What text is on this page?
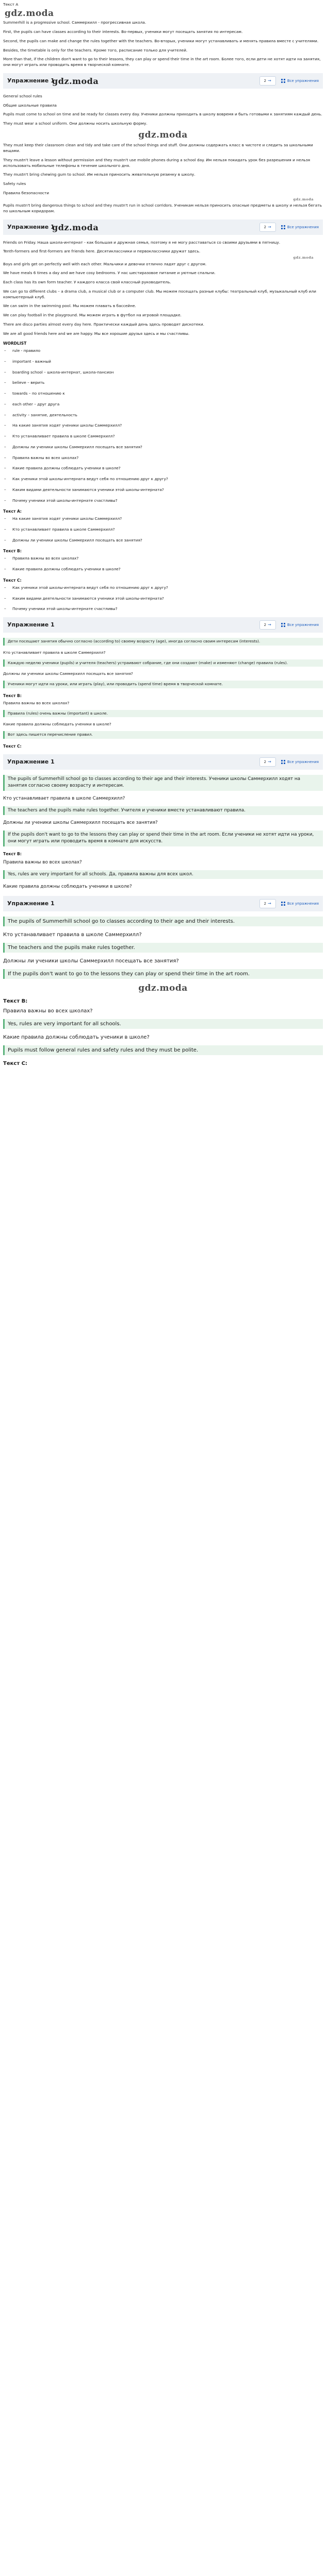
Текст А
gdz.moda

Summerhill is a progressive school. Саммерхилл - прогрессивная школа.

First, the pupils can have classes according to their interests. Во-первых, ученики могут посещать занятия по интересам.

Second, the pupils can make and change the rules together with the teachers. Во-вторых, ученики могут устанавливать и менять правила вместе с учителями.

Besides, the timetable is only for the teachers. Кроме того, расписание только для учителей.

More than that, if the children don't want to go to their lessons, they can play or spend their time in the art room. Более того, если дети не хотят идти на занятия, они могут играть или проводить время в творческой комнате.

Упражнение 1
gdz.moda	2 →	Все упражнения

General school rules

Общие школьные правила

Pupils must come to school on time and be ready for classes every day. Ученики должны приходить в школу вовремя и быть готовыми к занятиям каждый день.

They must wear a school uniform. Они должны носить школьную форму.

gdz.moda

They must keep their classroom clean and tidy and take care of the school things and stuff. Они должны содержать класс в чистоте и следить за школьными вещами.

They mustn't leave a lesson without permission and they mustn't use mobile phones during a school day. Им нельзя покидать урок без разрешения и нельзя использовать мобильные телефоны в течение школьного дня.

They mustn't bring chewing gum to school. Им нельзя приносить жевательную резинку в школу.

Safety rules

Правила безопасности

gdz.moda

Pupils mustn't bring dangerous things to school and they mustn't run in school corridors. Ученикам нельзя приносить опасные предметы в школу и нельзя бегать по школьным коридорам.

Упражнение 1
gdz.moda	2 →	Все упражнения

Friends on Friday. Наша школа-интернат - как большая и дружная семья, поэтому я не могу расставаться со своими друзьями в пятницу.

Tenth-formers and first-formers are friends here. Десятиклассники и первоклассники дружат здесь.

gdz.moda

Boys and girls get on perfectly well with each other. Мальчики и девочки отлично ладят друг с другом.

We have meals 6 times a day and we have cosy bedrooms. У нас шестиразовое питание и уютные спальни.

Each class has its own form teacher. У каждого класса свой классный руководитель.

We can go to different clubs – a drama club, a musical club or a computer club. Мы можем посещать разные клубы: театральный клуб, музыкальный клуб или компьютерный клуб.

We can swim in the swimming pool. Мы можем плавать в бассейне.

We can play football in the playground. Мы можем играть в футбол на игровой площадке.

There are disco parties almost every day here. Практически каждый день здесь проводят дискотеки.

We are all good friends here and we are happy. Мы все хорошие друзья здесь и мы счастливы.

WORDLIST
–	rule - правило
–	important - важный
–	boarding school – школа-интернат, школа-пансион
–	believe – верить
–	towards – по отношению к
–	each other – друг друга
–	activity – занятие, деятельность
–	На какие занятия ходят ученики школы Саммерхилл?
–	Кто устанавливает правила в школе Саммерхилл?
–	Должны ли ученики школы Саммерхилл посещать все занятия?
–	Правила важны во всех школах?
–	Какие правила должны соблюдать ученики в школе?
–	Как ученики этой школы-интерната ведут себя по отношению друг к другу?
–	Каким видами деятельности занимаются ученики этой школы-интерната?
–	Почему ученики этой школы-интернате счастливы?
Текст А:
–	На какие занятия ходят ученики школы Саммерхилл?
–	Кто устанавливает правила в школе Саммерхилл?
–	Должны ли ученики школы Саммерхилл посещать все занятия?
Текст B:
–	Правила важны во всех школах?
–	Какие правила должны соблюдать ученики в школе?
Текст C:
–	Как ученики этой школы-интерната ведут себя по отношению друг к другу?
–	Каким видами деятельности занимаются ученики этой школы-интерната?
–	Почему ученики этой школы-интернате счастливы?
Упражнение 1	2 →	Все упражнения
Дети посещают занятия обычно согласно (according to) своему возрасту (age), иногда согласно своим интересам (interests).

Кто устанавливает правила в школе Саммерхилл?

Каждую неделю ученики (pupils) и учителя (teachers) устраивают собрание, где они создают (make) и изменяют (change) правила (rules).

Должны ли ученики школы Саммерхилл посещать все занятия?

Ученики могут идти на уроки, или играть (play), или проводить (spend time) время в творческой комнате.
Текст B:

Правила важны во всех школах?

Правила (rules) очень важны (important) в школе.

Какие правила должны соблюдать ученики в школе?

Вот здесь пишется перечисление правил.
Текст C:
Упражнение 1	2 →	Все упражнения
The pupils of Summerhill school go to classes according to their age and their interests. Ученики школы Саммерхилл ходят на занятия согласно своему возрасту и интересам.

Кто устанавливает правила в школе Саммерхилл?

The teachers and the pupils make rules together. Учителя и ученики вместе устанавливают правила.

Должны ли ученики школы Саммерхилл посещать все занятия?

If the pupils don't want to go to the lessons they can play or spend their time in the art room. Если ученики не хотят идти на уроки, они могут играть или проводить время в комнате для искусств.
Текст B:

Правила важны во всех школах?

Yes, rules are very important for all schools. Да, правила важны для всех школ.

Какие правила должны соблюдать ученики в школе?

Упражнение 1	2 →	Все упражнения
The pupils of Summerhill school go to classes according to their age and their interests.

Кто устанавливает правила в школе Саммерхилл?

The teachers and the pupils make rules together.

Должны ли ученики школы Саммерхилл посещать все занятия?

If the pupils don't want to go to the lessons they can play or spend their time in the art room.
gdz.moda
Текст В:

Правила важны во всех школах?

Yes, rules are very important for all schools.

Какие правила должны соблюдать ученики в школе?

Pupils must follow general rules and safety rules and they must be polite.
Текст С:
